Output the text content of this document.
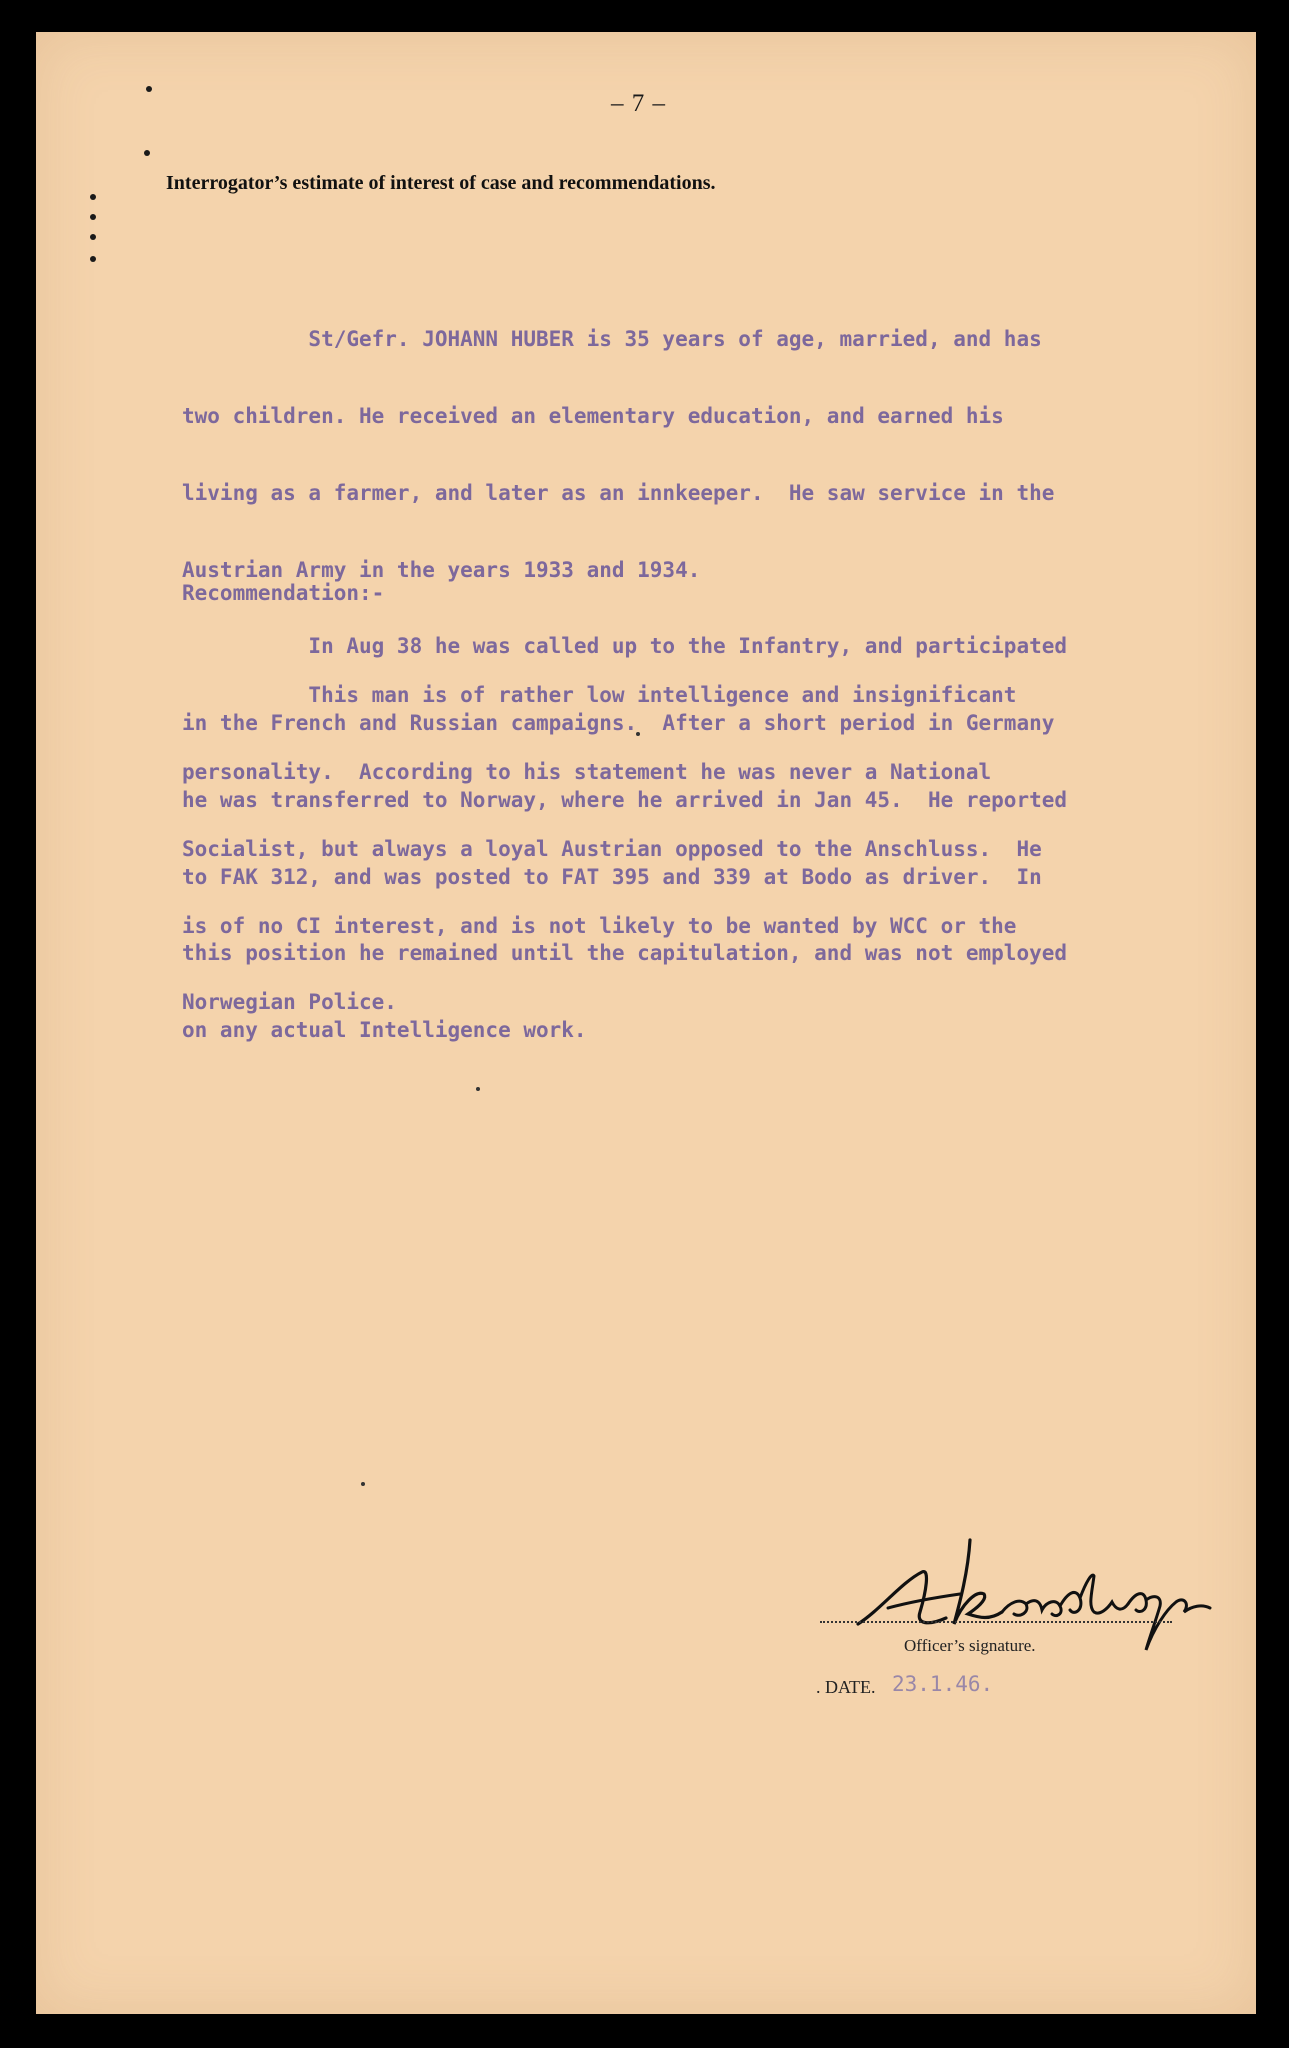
– 7 –
Interrogator’s estimate of interest of case and recommendations.

St/Gefr. JOHANN HUBER is 35 years of age, married, and has

two children. He received an elementary education, and earned his

living as a farmer, and later as an innkeeper.  He saw service in the

Austrian Army in the years 1933 and 1934.

In Aug 38 he was called up to the Infantry, and participated

in the French and Russian campaigns.  After a short period in Germany

he was transferred to Norway, where he arrived in Jan 45.  He reported

to FAK 312, and was posted to FAT 395 and 339 at Bodo as driver.  In

this position he remained until the capitulation, and was not employed

on any actual Intelligence work.

Recommendation:-

This man is of rather low intelligence and insignificant

personality.  According to his statement he was never a National

Socialist, but always a loyal Austrian opposed to the Anschluss.  He

is of no CI interest, and is not likely to be wanted by WCC or the

Norwegian Police.

Officer’s signature.
. DATE. 23.1.46.
